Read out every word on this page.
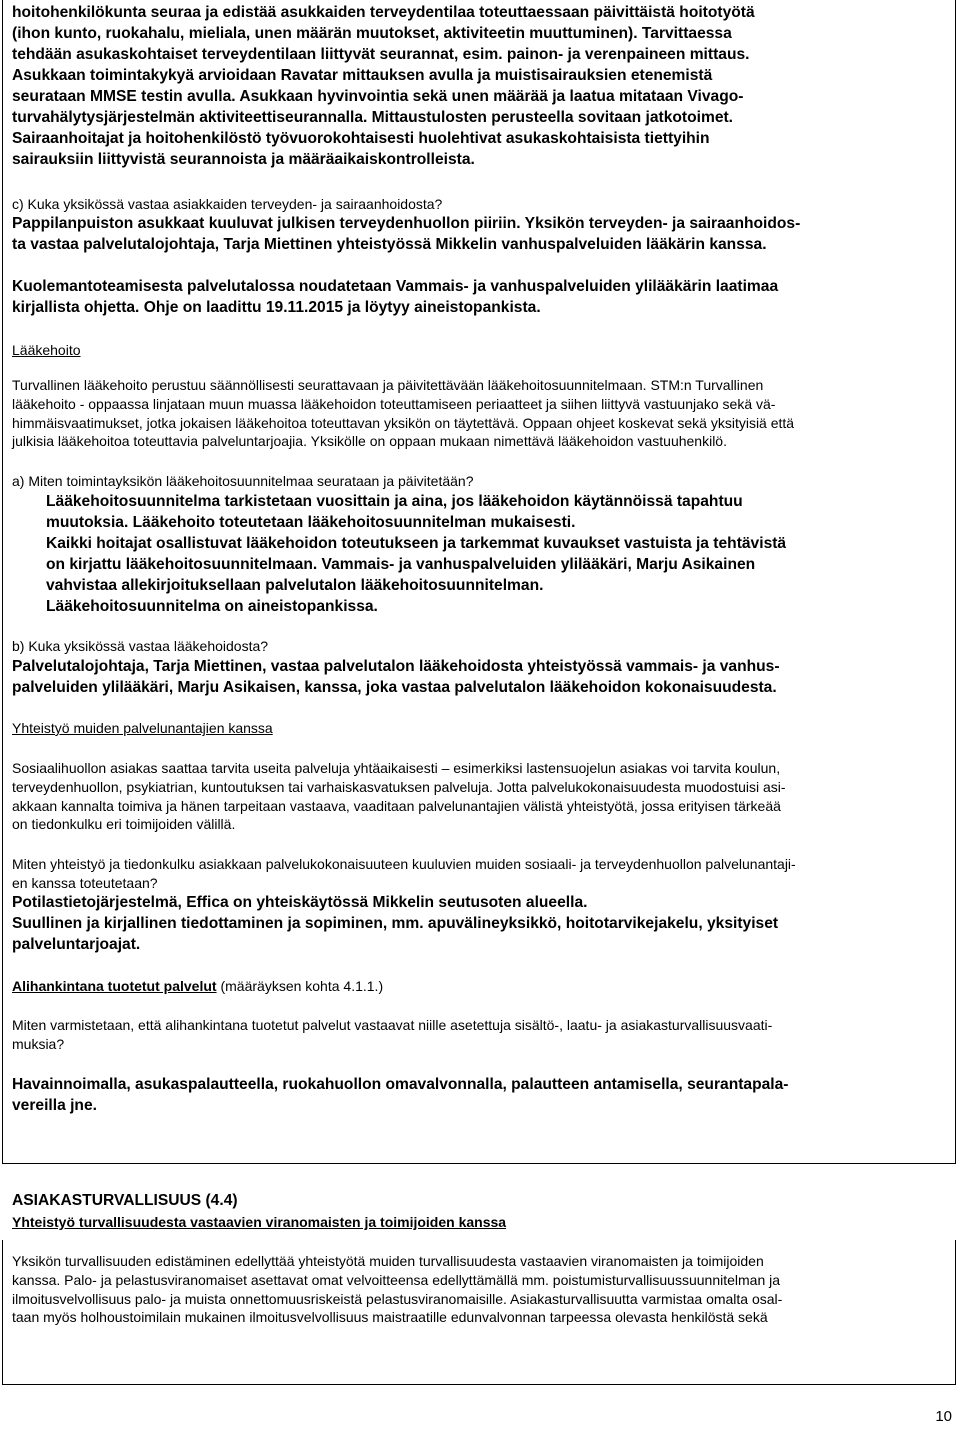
hoitohenkilökunta seuraa ja edistää asukkaiden terveydentilaa toteuttaessaan päivittäistä hoitotyötä

(ihon kunto, ruokahalu, mieliala, unen määrän muutokset, aktiviteetin muuttuminen). Tarvittaessa

tehdään asukaskohtaiset terveydentilaan liittyvät seurannat, esim. painon- ja verenpaineen mittaus.

Asukkaan toimintakykyä arvioidaan Ravatar mittauksen avulla ja muistisairauksien etenemistä

seurataan MMSE testin avulla. Asukkaan hyvinvointia sekä unen määrää ja laatua mitataan Vivago-

turvahälytysjärjestelmän aktiviteettiseurannalla. Mittaustulosten perusteella sovitaan jatkotoimet.

Sairaanhoitajat ja hoitohenkilöstö työvuorokohtaisesti huolehtivat asukaskohtaisista tiettyihin

sairauksiin liittyvistä seurannoista ja määräaikaiskontrolleista.

c) Kuka yksikössä vastaa asiakkaiden terveyden- ja sairaanhoidosta?

Pappilanpuiston asukkaat kuuluvat julkisen terveydenhuollon piiriin. Yksikön terveyden- ja sairaanhoidos-

ta vastaa palvelutalojohtaja, Tarja Miettinen yhteistyössä Mikkelin vanhuspalveluiden lääkärin kanssa.

Kuolemantoteamisesta palvelutalossa noudatetaan Vammais- ja vanhuspalveluiden ylilääkärin laatimaa

kirjallista ohjetta. Ohje on laadittu 19.11.2015 ja löytyy aineistopankista.

Lääkehoito

Turvallinen lääkehoito perustuu säännöllisesti seurattavaan ja päivitettävään lääkehoitosuunnitelmaan. STM:n Turvallinen

lääkehoito - oppaassa linjataan muun muassa lääkehoidon toteuttamiseen periaatteet ja siihen liittyvä vastuunjako sekä vä-

himmäisvaatimukset, jotka jokaisen lääkehoitoa toteuttavan yksikön on täytettävä. Oppaan ohjeet koskevat sekä yksityisiä että

julkisia lääkehoitoa toteuttavia palveluntarjoajia. Yksikölle on oppaan mukaan nimettävä lääkehoidon vastuuhenkilö.

a) Miten toimintayksikön lääkehoitosuunnitelmaa seurataan ja päivitetään?

Lääkehoitosuunnitelma tarkistetaan vuosittain ja aina, jos lääkehoidon käytännöissä tapahtuu

muutoksia. Lääkehoito toteutetaan lääkehoitosuunnitelman mukaisesti.

Kaikki hoitajat osallistuvat lääkehoidon toteutukseen ja tarkemmat kuvaukset vastuista ja tehtävistä

on kirjattu lääkehoitosuunnitelmaan. Vammais- ja vanhuspalveluiden ylilääkäri, Marju Asikainen

vahvistaa allekirjoituksellaan palvelutalon lääkehoitosuunnitelman.

Lääkehoitosuunnitelma on aineistopankissa.

b) Kuka yksikössä vastaa lääkehoidosta?

Palvelutalojohtaja, Tarja Miettinen, vastaa palvelutalon lääkehoidosta yhteistyössä vammais- ja vanhus-

palveluiden ylilääkäri, Marju Asikaisen, kanssa, joka vastaa palvelutalon lääkehoidon kokonaisuudesta.

Yhteistyö muiden palvelunantajien kanssa

Sosiaalihuollon asiakas saattaa tarvita useita palveluja yhtäaikaisesti – esimerkiksi lastensuojelun asiakas voi tarvita koulun,

terveydenhuollon, psykiatrian, kuntoutuksen tai varhaiskasvatuksen palveluja. Jotta palvelukokonaisuudesta muodostuisi asi-

akkaan kannalta toimiva ja hänen tarpeitaan vastaava, vaaditaan palvelunantajien välistä yhteistyötä, jossa erityisen tärkeää

on tiedonkulku eri toimijoiden välillä.

Miten yhteistyö ja tiedonkulku asiakkaan palvelukokonaisuuteen kuuluvien muiden sosiaali- ja terveydenhuollon palvelunantaji-

en kanssa toteutetaan?

Potilastietojärjestelmä, Effica on yhteiskäytössä Mikkelin seutusoten alueella.

Suullinen ja kirjallinen tiedottaminen ja sopiminen, mm. apuvälineyksikkö, hoitotarvikejakelu, yksityiset

palveluntarjoajat.

Alihankintana tuotetut palvelut (määräyksen kohta 4.1.1.)

Miten varmistetaan, että alihankintana tuotetut palvelut vastaavat niille asetettuja sisältö-, laatu- ja asiakasturvallisuusvaati-

muksia?

Havainnoimalla, asukaspalautteella, ruokahuollon omavalvonnalla, palautteen antamisella, seurantapala-

vereilla jne.

ASIAKASTURVALLISUUS (4.4)

Yhteistyö turvallisuudesta vastaavien viranomaisten ja toimijoiden kanssa

Yksikön turvallisuuden edistäminen edellyttää yhteistyötä muiden turvallisuudesta vastaavien viranomaisten ja toimijoiden

kanssa. Palo- ja pelastusviranomaiset asettavat omat velvoitteensa edellyttämällä mm. poistumisturvallisuussuunnitelman ja

ilmoitusvelvollisuus palo- ja muista onnettomuusriskeistä pelastusviranomaisille. Asiakasturvallisuutta varmistaa omalta osal-

taan myös holhoustoimilain mukainen ilmoitusvelvollisuus maistraatille edunvalvonnan tarpeessa olevasta henkilöstä sekä

10
